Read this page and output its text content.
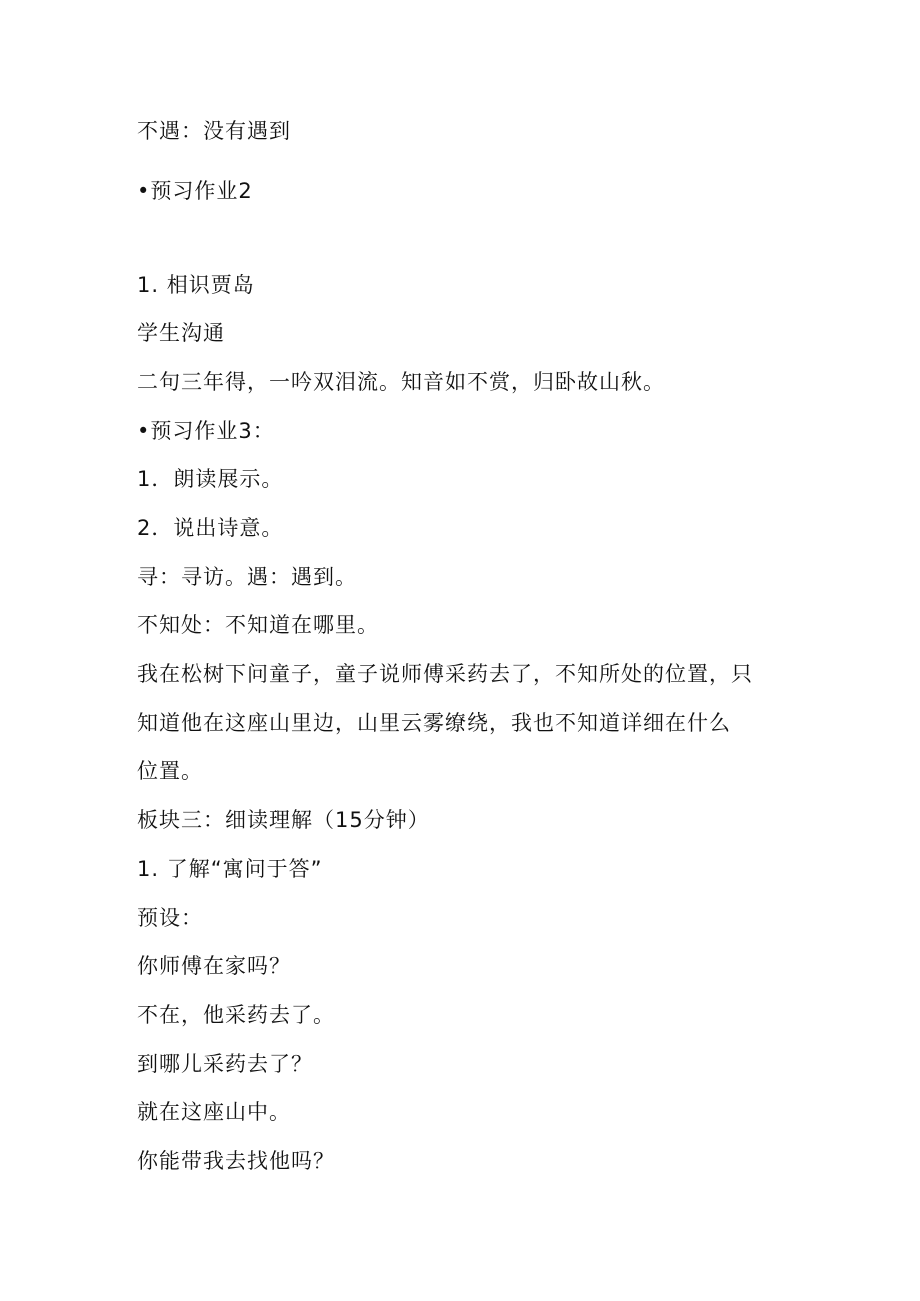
不遇：没有遇到
•预习作业2
1. 相识贾岛
学生沟通
二句三年得，一吟双泪流。知音如不赏，归卧故山秋。
•预习作业3：
1．朗读展示。
2．说出诗意。
寻：寻访。遇：遇到。
不知处：不知道在哪里。
我在松树下问童子，童子说师傅采药去了，不知所处的位置，只
知道他在这座山里边，山里云雾缭绕，我也不知道详细在什么
位置。
板块三：细读理解（15分钟）
1. 了解“寓问于答”
预设：
你师傅在家吗？
不在，他采药去了。
到哪儿采药去了？
就在这座山中。
你能带我去找他吗？
